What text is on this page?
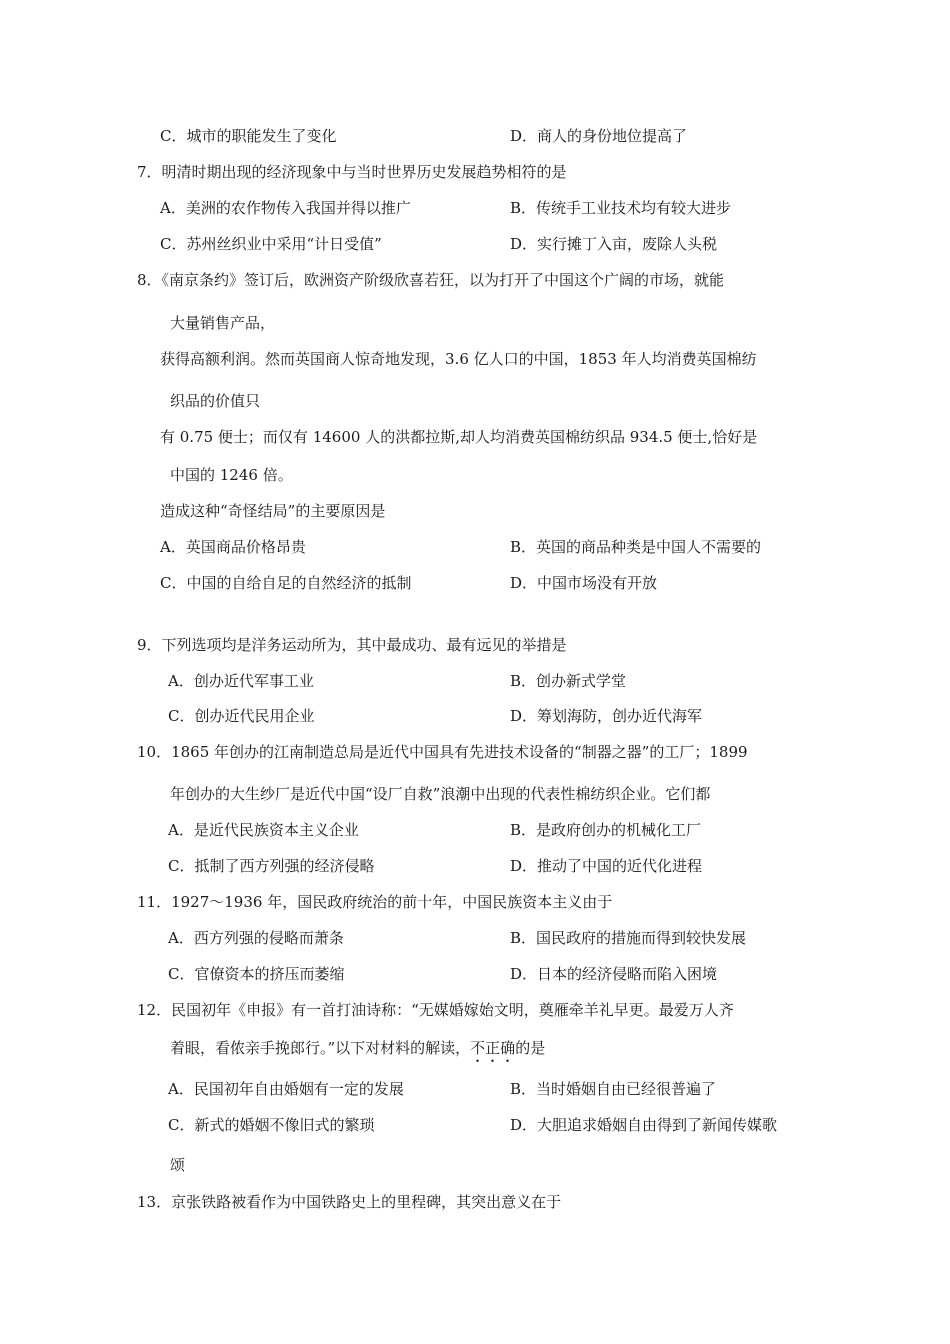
C．城市的职能发生了变化	D．商人的身份地位提高了
7．明清时期出现的经济现象中与当时世界历史发展趋势相符的是
A．美洲的农作物传入我国并得以推广	B．传统手工业技术均有较大进步
C．苏州丝织业中采用“计日受值”	D．实行摊丁入亩，废除人头税
8．《南京条约》签订后，欧洲资产阶级欣喜若狂，以为打开了中国这个广阔的市场，就能
大量销售产品，
获得高额利润。然而英国商人惊奇地发现，3.6 亿人口的中国，1853 年人均消费英国棉纺
织品的价值只
有 0.75 便士；而仅有 14600 人的洪都拉斯,却人均消费英国棉纺织品 934.5 便士,恰好是
中国的 1246 倍。
造成这种“奇怪结局”的主要原因是
A．英国商品价格昂贵	B．英国的商品种类是中国人不需要的
C．中国的自给自足的自然经济的抵制	D．中国市场没有开放
9．下列选项均是洋务运动所为，其中最成功、最有远见的举措是
A．创办近代军事工业	B．创办新式学堂
C．创办近代民用企业	D．筹划海防，创办近代海军
10．1865 年创办的江南制造总局是近代中国具有先进技术设备的“制器之器”的工厂；1899
年创办的大生纱厂是近代中国“设厂自救”浪潮中出现的代表性棉纺织企业。它们都
A．是近代民族资本主义企业	B．是政府创办的机械化工厂
C．抵制了西方列强的经济侵略	D．推动了中国的近代化进程
11．1927～1936 年，国民政府统治的前十年，中国民族资本主义由于
A．西方列强的侵略而萧条	B．国民政府的措施而得到较快发展
C．官僚资本的挤压而萎缩	D．日本的经济侵略而陷入困境
12．民国初年《申报》有一首打油诗称：“无媒婚嫁始文明，奠雁牵羊礼早更。最爱万人齐
着眼，看侬亲手挽郎行。”以下对材料的解读，不正确的是
A．民国初年自由婚姻有一定的发展	B．当时婚姻自由已经很普遍了
C．新式的婚姻不像旧式的繁琐	D．大胆追求婚姻自由得到了新闻传媒歌
颂
13．京张铁路被看作为中国铁路史上的里程碑，其突出意义在于
